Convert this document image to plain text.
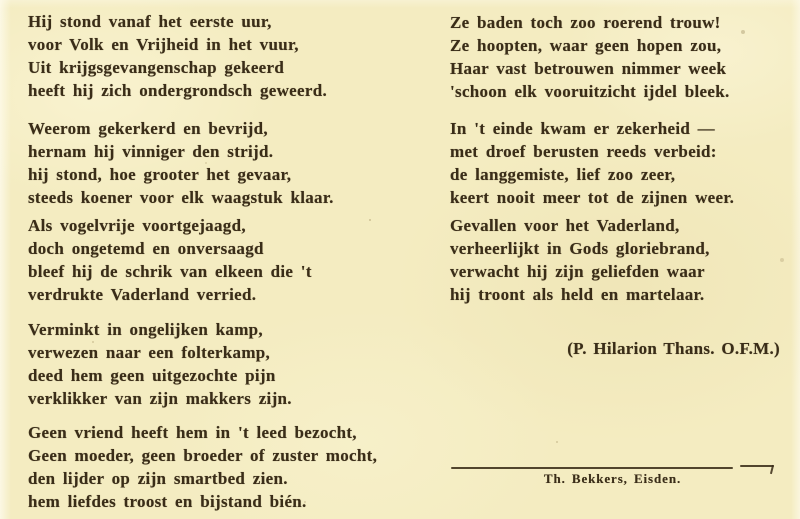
Hij stond vanaf het eerste uur,
voor Volk en Vrijheid in het vuur,
Uit krijgsgevangenschap gekeerd
heeft hij zich ondergrondsch geweerd.
Weerom gekerkerd en bevrijd,
hernam hij vinniger den strijd.
hij stond, hoe grooter het gevaar,
steeds koener voor elk waagstuk klaar.
Als vogelvrije voortgejaagd,
doch ongetemd en onversaagd
bleef hij de schrik van elkeen die 't
verdrukte Vaderland verried.
Verminkt in ongelijken kamp,
verwezen naar een folterkamp,
deed hem geen uitgezochte pijn
verklikker van zijn makkers zijn.
Geen vriend heeft hem in 't leed bezocht,
Geen moeder, geen broeder of zuster mocht,
den lijder op zijn smartbed zien.
hem liefdes troost en bijstand bién.
Ze baden toch zoo roerend trouw!
Ze hoopten, waar geen hopen zou,
Haar vast betrouwen nimmer week
'schoon elk vooruitzicht ijdel bleek.
In 't einde kwam er zekerheid —
met droef berusten reeds verbeid:
de langgemiste, lief zoo zeer,
keert nooit meer tot de zijnen weer.
Gevallen voor het Vaderland,
verheerlijkt in Gods gloriebrand,
verwacht hij zijn geliefden waar
hij troont als held en martelaar.
(P. Hilarion Thans. O.F.M.)
Th. Bekkers, Eisden.
